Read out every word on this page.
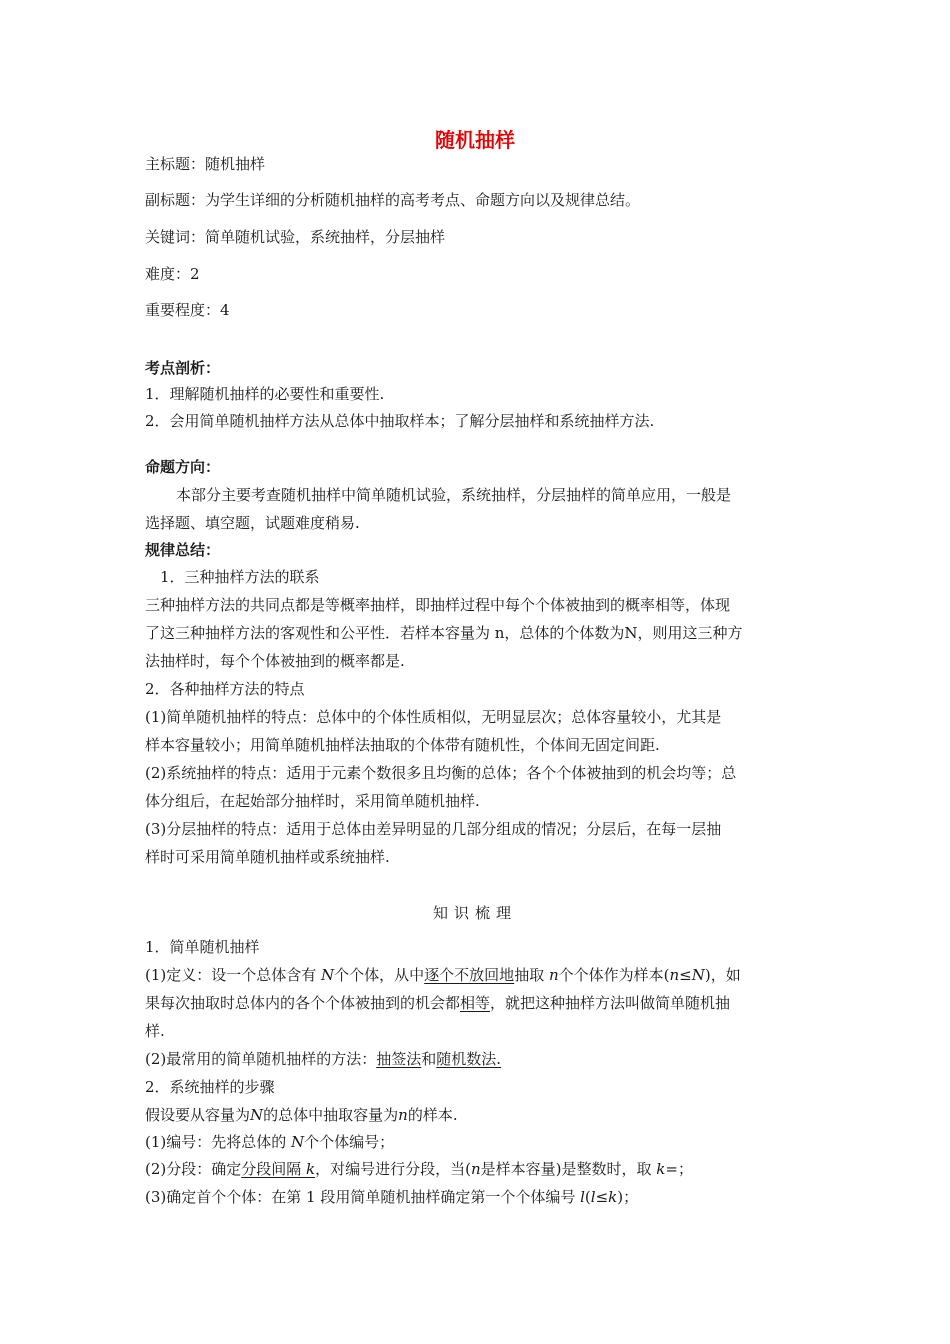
随机抽样
主标题：随机抽样
副标题：为学生详细的分析随机抽样的高考考点、命题方向以及规律总结。
关键词：简单随机试验，系统抽样，分层抽样
难度：2
重要程度：4
考点剖析：
1．理解随机抽样的必要性和重要性.
2．会用简单随机抽样方法从总体中抽取样本；了解分层抽样和系统抽样方法.
命题方向：
本部分主要考查随机抽样中简单随机试验，系统抽样，分层抽样的简单应用，一般是
选择题、填空题，试题难度稍易.
规律总结：
1．三种抽样方法的联系
三种抽样方法的共同点都是等概率抽样，即抽样过程中每个个体被抽到的概率相等，体现
了这三种抽样方法的客观性和公平性．若样本容量为 n，总体的个体数为N，则用这三种方
法抽样时，每个个体被抽到的概率都是.
2．各种抽样方法的特点
(1)简单随机抽样的特点：总体中的个体性质相似，无明显层次；总体容量较小，尤其是
样本容量较小；用简单随机抽样法抽取的个体带有随机性，个体间无固定间距.
(2)系统抽样的特点：适用于元素个数很多且均衡的总体；各个个体被抽到的机会均等；总
体分组后，在起始部分抽样时，采用简单随机抽样.
(3)分层抽样的特点：适用于总体由差异明显的几部分组成的情况；分层后，在每一层抽
样时可采用简单随机抽样或系统抽样.
知识梳理
1．简单随机抽样
(1)定义：设一个总体含有 N个个体，从中逐个不放回地抽取 n个个体作为样本(n≤N)，如
果每次抽取时总体内的各个个体被抽到的机会都相等，就把这种抽样方法叫做简单随机抽
样.
(2)最常用的简单随机抽样的方法：抽签法和随机数法.
2．系统抽样的步骤
假设要从容量为N的总体中抽取容量为n的样本.
(1)编号：先将总体的 N个个体编号；
(2)分段：确定分段间隔 k，对编号进行分段，当(n是样本容量)是整数时，取 k=；
(3)确定首个个体：在第 1 段用简单随机抽样确定第一个个体编号 l(l≤k)；
